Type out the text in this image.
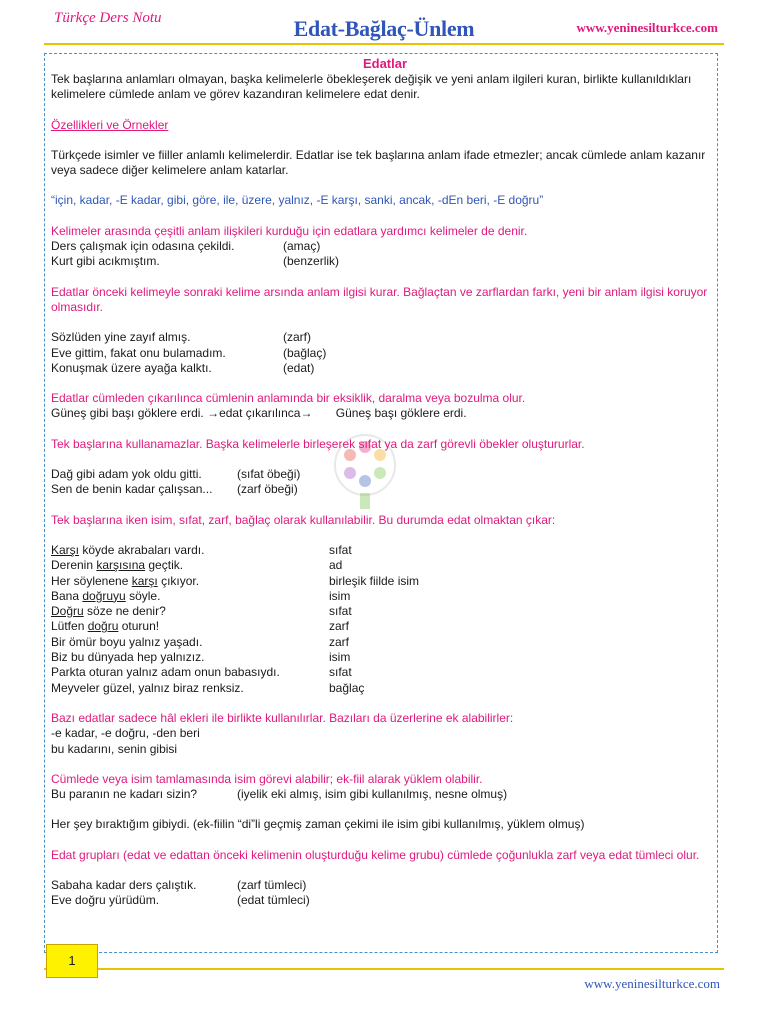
Türkçe Ders Notu	Edat-Bağlaç-Ünlem	www.yeninesilturkce.com
Edatlar

Tek başlarına anlamları olmayan, başka kelimelerle öbekleşerek değişik ve yeni anlam ilgileri kuran, birlikte kullanıldıkları kelimelere cümlede anlam ve görev kazandıran kelimelere edat denir.

Özellikleri ve Örnekler

Türkçede isimler ve fiiller anlamlı kelimelerdir. Edatlar ise tek başlarına anlam ifade etmezler; ancak cümlede anlam kazanır veya sadece diğer kelimelere anlam katarlar.

“için, kadar, -E kadar, gibi, göre, ile, üzere, yalnız, -E karşı, sanki, ancak, -dEn beri, -E doğru”

Kelimeler arasında çeşitli anlam ilişkileri kurduğu için edatlara yardımcı kelimeler de denir.

Ders çalışmak için odasına çekildi.	(amaç)
Kurt gibi acıkmıştım.	(benzerlik)

Edatlar önceki kelimeyle sonraki kelime arsında anlam ilgisi kurar. Bağlaçtan ve zarflardan farkı, yeni bir anlam ilgisi koruyor olmasıdır.

Sözlüden yine zayıf almış.	(zarf)
Eve gittim, fakat onu bulamadım.	(bağlaç)
Konuşmak üzere ayağa kalktı.	(edat)

Edatlar cümleden çıkarılınca cümlenin anlamında bir eksiklik, daralma veya bozulma olur.

Güneş gibi başı göklere erdi. →edat çıkarılınca→       Güneş başı göklere erdi.

Tek başlarına kullanamazlar. Başka kelimelerle birleşerek sıfat ya da zarf görevli öbekler oluştururlar.

Dağ gibi adam yok oldu gitti.	(sıfat öbeği)
Sen de benin kadar çalışsan...	(zarf öbeği)

Tek başlarına iken isim, sıfat, zarf, bağlaç olarak kullanılabilir. Bu durumda edat olmaktan çıkar:

Karşı köyde akrabaları vardı.	sıfat
Derenin karşısına geçtik.	ad
Her söylenene karşı çıkıyor.	birleşik fiilde isim
Bana doğruyu söyle.	isim
Doğru söze ne denir?	sıfat
Lütfen doğru oturun!	zarf
Bir ömür boyu yalnız yaşadı.	zarf
Biz bu dünyada hep yalnızız.	isim
Parkta oturan yalnız adam onun babasıydı.	sıfat
Meyveler güzel, yalnız biraz renksiz.	bağlaç

Bazı edatlar sadece hâl ekleri ile birlikte kullanılırlar. Bazıları da üzerlerine ek alabilirler:

-e kadar, -e doğru, -den beri

bu kadarını, senin gibisi

Cümlede veya isim tamlamasında isim görevi alabilir; ek-fiil alarak yüklem olabilir.

Bu paranın ne kadarı sizin?	(iyelik eki almış, isim gibi kullanılmış, nesne olmuş)

Her şey bıraktığım gibiydi. (ek-fiilin “di”li geçmiş zaman çekimi ile isim gibi kullanılmış, yüklem olmuş)

Edat grupları (edat ve edattan önceki kelimenin oluşturduğu kelime grubu) cümlede çoğunlukla zarf veya edat tümleci olur.

Sabaha kadar ders çalıştık.	(zarf tümleci)
Eve doğru yürüdüm.	(edat tümleci)
1
www.yeninesilturkce.com
